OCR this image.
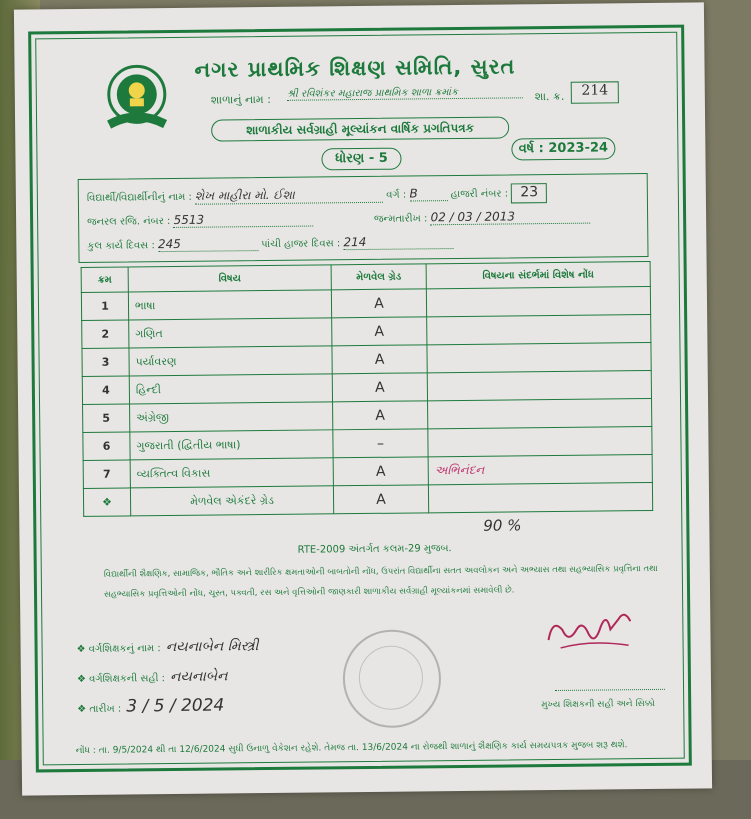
નગર પ્રાથમિક શિક્ષણ સમિતિ, સુરત
શાળાનું નામ : શ્રી રવિશંકર મહારાજ પ્રાથમિક શાળા ક્રમાંક	શા. ક્ર.	214
શાળાકીય સર્વગ્રાહી મૂલ્યાંકન વાર્ષિક પ્રગતિપત્રક
વર્ષ : 2023-24
ધોરણ - 5
વિદ્યાર્થી/વિદ્યાર્થીનીનું નામ : શેખ માહીરા મો. ઈશા	વર્ગ : B	હાજરી નંબર : 23
જનરલ રજિ. નંબર : 5513	જન્મતારીખ : 02 / 03 / 2013
કુલ કાર્ય દિવસ : 245	પાંચી હાજર દિવસ : 214
ક્રમ	વિષય	મેળવેલ ગ્રેડ	વિષયના સંદર્ભમાં વિશેષ નોંધ
1	ભાષા	A	
2	ગણિત	A	
3	પર્યાવરણ	A	
4	હિન્દી	A	
5	અંગ્રેજી	A	
6	ગુજરાતી (દ્વિતીય ભાષા)	–	
7	વ્યક્તિત્વ વિકાસ	A	અભિનંદન
❖	મેળવેલ એકંદરે ગ્રેડ	A	
90 %
RTE-2009 અંતર્ગત કલમ-29 મુજબ.
વિદ્યાર્થીની શૈક્ષણિક, સામાજિક, ભૌતિક અને શારીરિક ક્ષમતાઓની બાબતોની નોંધ, ઉપરાંત વિદ્યાર્થીના સતત અવલોકન અને અભ્યાસ તથા સહભ્યાસિક પ્રવૃત્તિના તથા સહભ્યાસિક પ્રવૃત્તિઓની નોંધ, ચૂસ્ત, પક્વતી, રસ અને વૃત્તિઓની જાણકારી શાળાકીય સર્વગ્રાહી મૂલ્યાંકનમાં સમાવેલી છે.
❖ વર્ગશિક્ષકનું નામ : નયનાબેન મિસ્ત્રી
❖ વર્ગશિક્ષકની સહી : નયનાબેન
❖ તારીખ : 3 / 5 / 2024	મુખ્ય શિક્ષકની સહી અને સિક્કો
નોંધ : તા. 9/5/2024 થી તા 12/6/2024 સુધી ઉનાળુ વેકેશન રહેશે. તેમજ તા. 13/6/2024 ના રોજથી શાળાનું શૈક્ષણિક કાર્ય સમયપત્રક મુજબ શરૂ થશે.
